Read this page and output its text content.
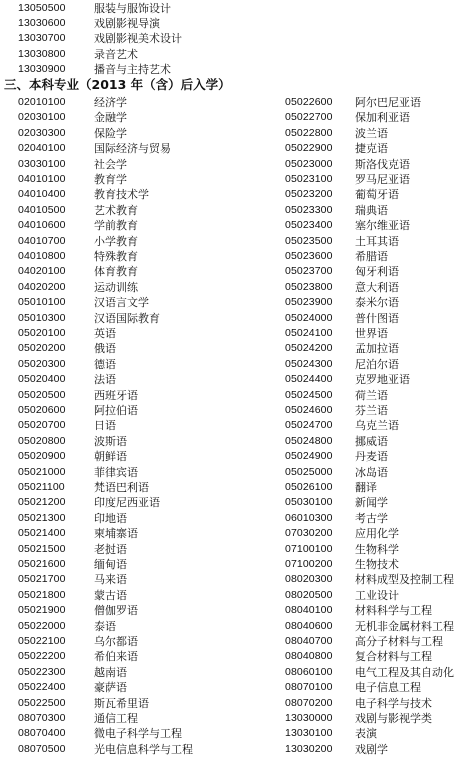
13050500	服装与服饰设计
13030600	戏剧影视导演
13030700	戏剧影视美术设计
13030800	录音艺术
13030900	播音与主持艺术
三、本科专业（2013 年（含）后入学）
02010100	经济学
02030100	金融学
02030300	保险学
02040100	国际经济与贸易
03030100	社会学
04010100	教育学
04010400	教育技术学
04010500	艺术教育
04010600	学前教育
04010700	小学教育
04010800	特殊教育
04020100	体育教育
04020200	运动训练
05010100	汉语言文学
05010300	汉语国际教育
05020100	英语
05020200	俄语
05020300	德语
05020400	法语
05020500	西班牙语
05020600	阿拉伯语
05020700	日语
05020800	波斯语
05020900	朝鲜语
05021000	菲律宾语
05021100	梵语巴利语
05021200	印度尼西亚语
05021300	印地语
05021400	柬埔寨语
05021500	老挝语
05021600	缅甸语
05021700	马来语
05021800	蒙古语
05021900	僧伽罗语
05022000	泰语
05022100	乌尔都语
05022200	希伯来语
05022300	越南语
05022400	豪萨语
05022500	斯瓦希里语
08070300	通信工程
08070400	微电子科学与工程
08070500	光电信息科学与工程
05022600 阿尔巴尼亚语
05022700 保加利亚语
05022800 波兰语
05022900 捷克语
05023000 斯洛伐克语
05023100 罗马尼亚语
05023200 葡萄牙语
05023300 瑞典语
05023400 塞尔维亚语
05023500 土耳其语
05023600 希腊语
05023700 匈牙利语
05023800 意大利语
05023900 泰米尔语
05024000 普什图语
05024100 世界语
05024200 孟加拉语
05024300 尼泊尔语
05024400 克罗地亚语
05024500 荷兰语
05024600 芬兰语
05024700 乌克兰语
05024800 挪威语
05024900 丹麦语
05025000 冰岛语
05026100 翻译
05030100 新闻学
06010300 考古学
07030200 应用化学
07100100 生物科学
07100200 生物技术
08020300 材料成型及控制工程
08020500 工业设计
08040100 材料科学与工程
08040600 无机非金属材料工程
08040700 高分子材料与工程
08040800 复合材料与工程
08060100 电气工程及其自动化
08070100 电子信息工程
08070200 电子科学与技术
13030000 戏剧与影视学类
13030100 表演
13030200 戏剧学
